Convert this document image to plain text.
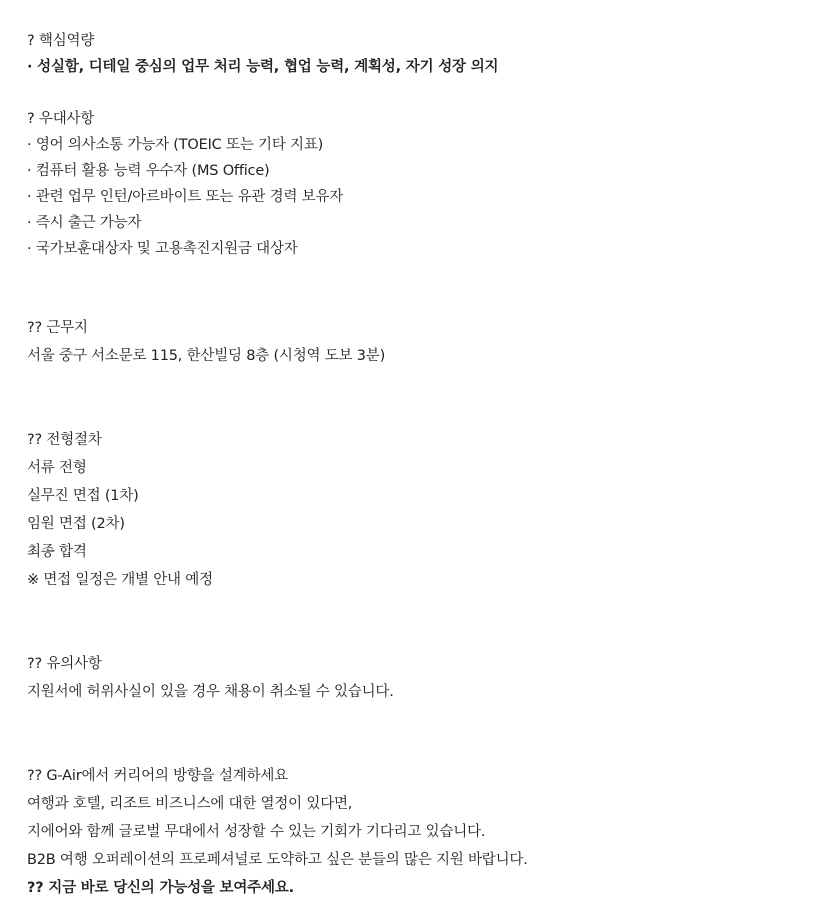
? 핵심역량
· 성실함, 디테일 중심의 업무 처리 능력, 협업 능력, 계획성, 자기 성장 의지
? 우대사항
· 영어 의사소통 가능자 (TOEIC 또는 기타 지표)
· 컴퓨터 활용 능력 우수자 (MS Office)
· 관련 업무 인턴/아르바이트 또는 유관 경력 보유자
· 즉시 출근 가능자
· 국가보훈대상자 및 고용촉진지원금 대상자
?? 근무지
서울 중구 서소문로 115, 한산빌딩 8층 (시청역 도보 3분)
?? 전형절차
서류 전형
실무진 면접 (1차)
임원 면접 (2차)
최종 합격
※ 면접 일정은 개별 안내 예정
?? 유의사항
지원서에 허위사실이 있을 경우 채용이 취소될 수 있습니다.
?? G-Air에서 커리어의 방향을 설계하세요
여행과 호텔, 리조트 비즈니스에 대한 열정이 있다면,
지에어와 함께 글로벌 무대에서 성장할 수 있는 기회가 기다리고 있습니다.
B2B 여행 오퍼레이션의 프로페셔널로 도약하고 싶은 분들의 많은 지원 바랍니다.
?? 지금 바로 당신의 가능성을 보여주세요.
